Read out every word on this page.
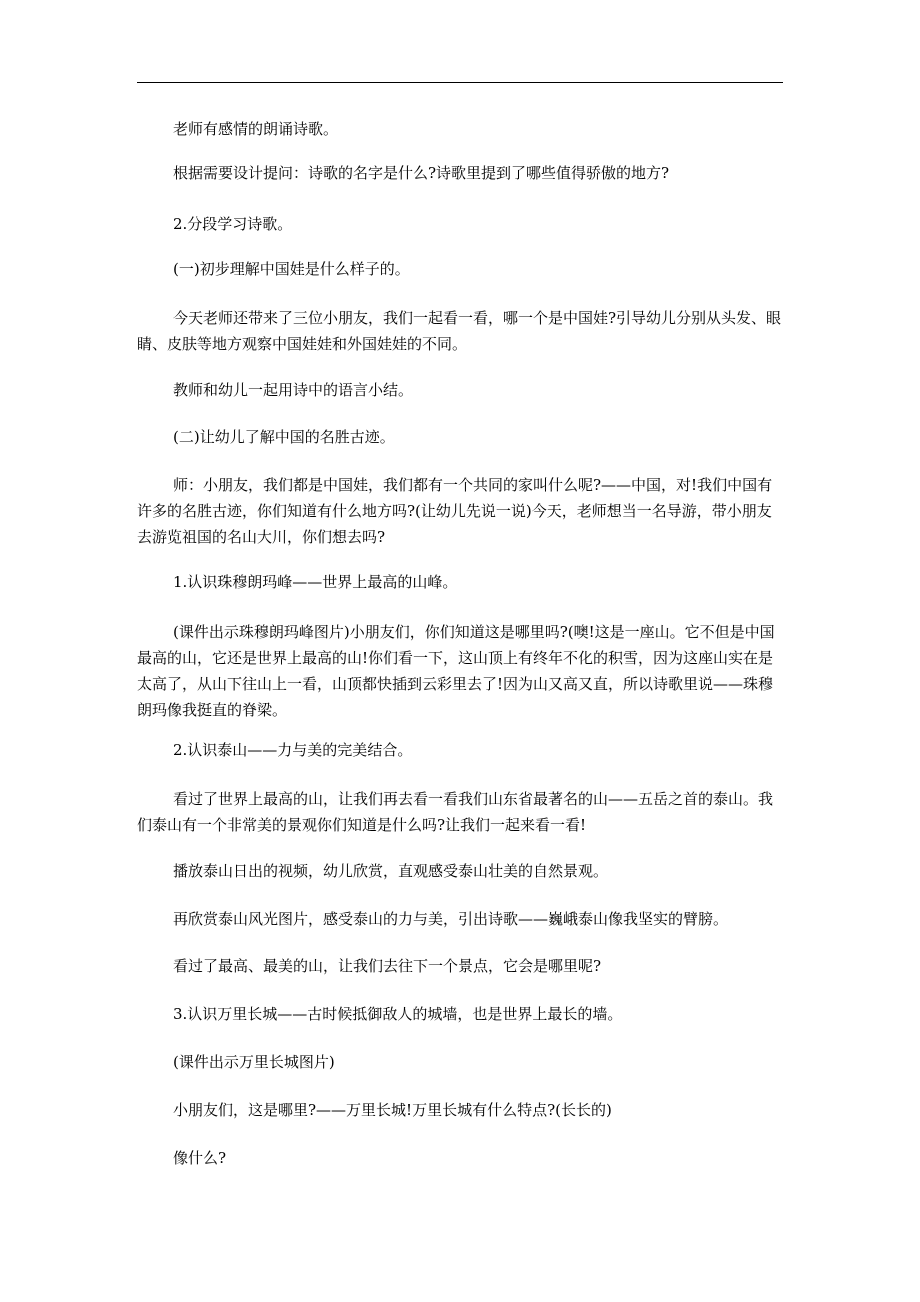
老师有感情的朗诵诗歌。

根据需要设计提问：诗歌的名字是什么?诗歌里提到了哪些值得骄傲的地方?

2.分段学习诗歌。

(一)初步理解中国娃是什么样子的。

今天老师还带来了三位小朋友，我们一起看一看，哪一个是中国娃?引导幼儿分别从头发、眼睛、皮肤等地方观察中国娃娃和外国娃娃的不同。

教师和幼儿一起用诗中的语言小结。

(二)让幼儿了解中国的名胜古迹。

师：小朋友，我们都是中国娃，我们都有一个共同的家叫什么呢?——中国，对!我们中国有许多的名胜古迹，你们知道有什么地方吗?(让幼儿先说一说)今天，老师想当一名导游，带小朋友去游览祖国的名山大川，你们想去吗?

1.认识珠穆朗玛峰——世界上最高的山峰。

(课件出示珠穆朗玛峰图片)小朋友们，你们知道这是哪里吗?(噢!这是一座山。它不但是中国最高的山，它还是世界上最高的山!你们看一下，这山顶上有终年不化的积雪，因为这座山实在是太高了，从山下往山上一看，山顶都快插到云彩里去了!因为山又高又直，所以诗歌里说——珠穆朗玛像我挺直的脊梁。

2.认识泰山——力与美的完美结合。

看过了世界上最高的山，让我们再去看一看我们山东省最著名的山——五岳之首的泰山。我们泰山有一个非常美的景观你们知道是什么吗?让我们一起来看一看!

播放泰山日出的视频，幼儿欣赏，直观感受泰山壮美的自然景观。

再欣赏泰山风光图片，感受泰山的力与美，引出诗歌——巍峨泰山像我坚实的臂膀。

看过了最高、最美的山，让我们去往下一个景点，它会是哪里呢?

3.认识万里长城——古时候抵御敌人的城墙，也是世界上最长的墙。

(课件出示万里长城图片)

小朋友们，这是哪里?——万里长城!万里长城有什么特点?(长长的)

像什么?
